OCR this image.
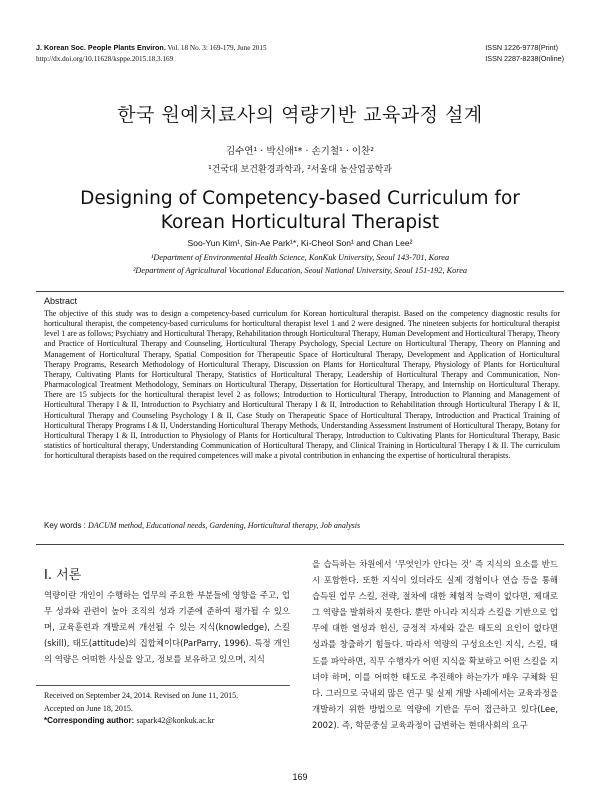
J. Korean Soc. People Plants Environ. Vol. 18 No. 3: 169-179, June 2015
http://dx.doi.org/10.11628/ksppe.2015.18.3.169
ISSN 1226-9778(Print)
ISSN 2287-8238(Online)
한국 원예치료사의 역량기반 교육과정 설계
김수연¹ · 박신애¹* · 손기철¹ · 이찬²
¹건국대 보건환경과학과, ²서울대 농산업공학과
Designing of Competency-based Curriculum for
Korean Horticultural Therapist
Soo-Yun Kim¹, Sin-Ae Park¹*, Ki-Cheol Son¹ and Chan Lee²
¹Department of Environmental Health Science, KonKuk University, Seoul 143-701, Korea
²Department of Agricultural Vocational Education, Seoul National University, Seoul 151-192, Korea
Abstract
The objective of this study was to design a competency-based curriculum for Korean horticultural therapist. Based on the competency diagnostic results for horticultural therapist, the competency-based curriculums for horticultural therapist level 1 and 2 were designed. The nineteen subjects for horticultural therapist level 1 are as follows; Psychiatry and Horticultural Therapy, Rehabilitation through Horticultural Therapy, Human Development and Horticultural Therapy, Theory and Practice of Horticultural Therapy and Counseling, Horticultural Therapy Psychology, Special Lecture on Horticultural Therapy, Theory on Planning and Management of Horticultural Therapy, Spatial Composition for Therapeutic Space of Horticultural Therapy, Development and Application of Horticultural Therapy Programs, Research Methodology of Horticultural Therapy, Discussion on Plants for Horticultural Therapy, Physiology of Plants for Horticultural Therapy, Cultivating Plants for Horticultural Therapy, Statistics of Horticultural Therapy, Leadership of Horticultural Therapy and Communication, Non-Pharmacological Treatment Methodology, Seminars on Horticultural Therapy, Dissertation for Horticultural Therapy, and Internship on Horticultural Therapy. There are 15 subjects for the horticultural therapist level 2 as follows; Introduction to Horticultural Therapy, Introduction to Planning and Management of Horticultural Therapy I & II, Introduction to Psychiatry and Horticultural Therapy I & II, Introduction to Rehabilitation through Horticultural Therapy I & II, Horticultural Therapy and Counseling Psychology I & II, Case Study on Therapeutic Space of Horticultural Therapy, Introduction and Practical Training of Horticultural Therapy Programs I & II, Understanding Horticultural Therapy Methods, Understanding Assessment Instrument of Horticultural Therapy, Botany for Horticultural Therapy I & II, Introduction to Physiology of Plants for Horticultural Therapy, Introduction to Cultivating Plants for Horticultural Therapy, Basic statistics of horticultural therapy, Understanding Communication of Horticultural Therapy, and Clinical Training in Horticultural Therapy I & II. The curriculum for horticultural therapists based on the required competences will make a pivotal contribution in enhancing the expertise of horticultural therapists.
Key words : DACUM method, Educational needs, Gardening, Horticultural therapy, Job analysis
Ⅰ. 서론
역량이란 개인이 수행하는 업무의 주요한 부분들에 영향을 주고, 업무 성과와 관련이 높아 조직의 성과 기준에 준하여 평가될 수 있으며, 교육훈련과 개발로써 개선될 수 있는 지식(knowledge), 스킬(skill), 태도(attitude)의 집합체이다(ParParry, 1996). 특정 개인의 역량은 어떠한 사실을 알고, 정보를 보유하고 있으며, 지식
을 습득하는 차원에서 ‘무엇인가 안다는 것’ 즉 지식의 요소를 반드시 포함한다. 또한 지식이 있더라도 실제 경험이나 연습 등을 통해 습득된 업무 스킬, 전략, 절차에 대한 체험적 능력이 없다면, 제대로 그 역량을 발휘하지 못한다. 뿐만 아니라 지식과 스킬을 기반으로 업무에 대한 열성과 헌신, 긍정적 자세와 같은 태도의 요인이 없다면 성과를 창출하기 힘들다. 따라서 역량의 구성요소인 지식, 스킬, 태도를 파악하면, 직무 수행자가 어떤 지식을 확보하고 어떤 스킬을 지녀야 하며, 이를 어떠한 태도로 추진해야 하는가가 매우 구체화 된다. 그러므로 국내외 많은 연구 및 실제 개발 사례에서는 교육과정을 개발하기 위한 방법으로 역량에 기반을 두어 접근하고 있다(Lee, 2002). 즉, 학문중심 교육과정이 급변하는 현대사회의 요구
Received on September 24, 2014. Revised on June 11, 2015.
Accepted on June 18, 2015.
*Corresponding author: sapark42@konkuk.ac.kr
169
